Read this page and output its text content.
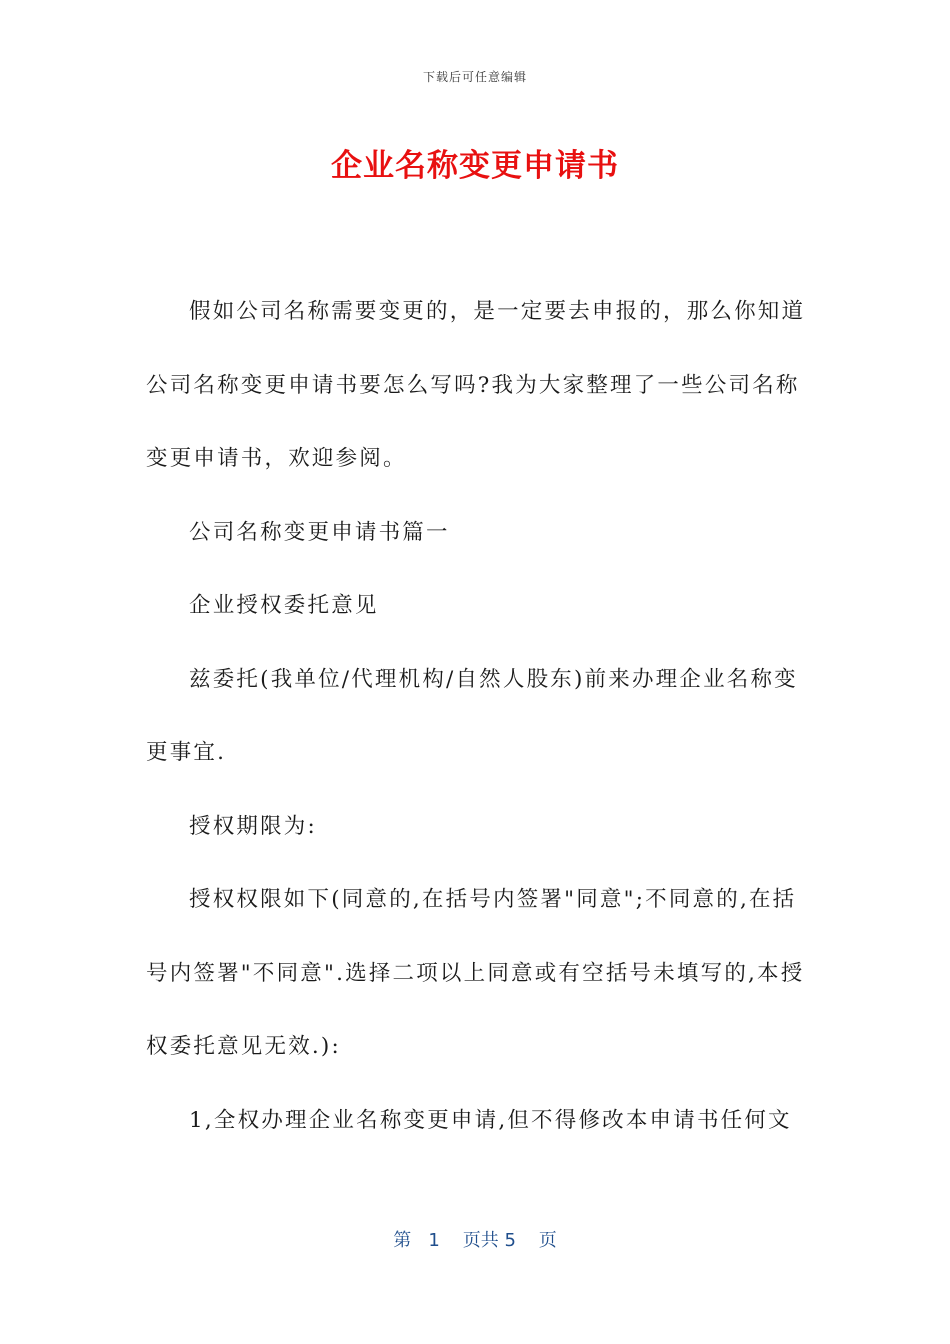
下载后可任意编辑
企业名称变更申请书

假如公司名称需要变更的，是一定要去申报的，那么你知道公司名称变更申请书要怎么写吗?我为大家整理了一些公司名称变更申请书，欢迎参阅。

公司名称变更申请书篇一

企业授权委托意见

兹委托(我单位/代理机构/自然人股东)前来办理企业名称变更事宜.

授权期限为:

授权权限如下(同意的,在括号内签署"同意";不同意的,在括号内签署"不同意".选择二项以上同意或有空括号未填写的,本授权委托意见无效.):

1,全权办理企业名称变更申请,但不得修改本申请书任何文

第 1 页共 5 页
